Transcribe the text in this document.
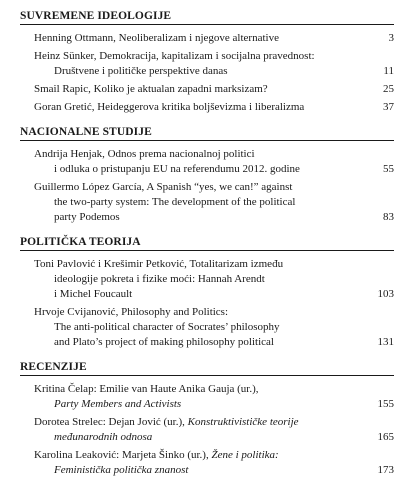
SUVREMENE IDEOLOGIJE
Henning Ottmann, Neoliberalizam i njegove alternative	3
Heinz Sünker, Demokracija, kapitalizam i socijalna pravednost:
Društvene i političke perspektive danas	11
Smail Rapic, Koliko je aktualan zapadni marksizam?	25
Goran Gretić, Heideggerova kritika boljševizma i liberalizma	37
NACIONALNE STUDIJE
Andrija Henjak, Odnos prema nacionalnoj politici
i odluka o pristupanju EU na referendumu 2012. godine	55
Guillermo López García, A Spanish “yes, we can!” against
the two-party system: The development of the political
party Podemos	83
POLITIČKA TEORIJA
Toni Pavlović i Krešimir Petković, Totalitarizam između
ideologije pokreta i fizike moći: Hannah Arendt
i Michel Foucault	103
Hrvoje Cvijanović, Philosophy and Politics:
The anti-political character of Socrates’ philosophy
and Plato’s project of making philosophy political	131
RECENZIJE
Kritina Čelap: Emilie van Haute Anika Gauja (ur.),
Party Members and Activists	155
Dorotea Strelec: Dejan Jović (ur.), Konstruktivističke teorije
međunarodnih odnosa	165
Karolina Leaković: Marjeta Šinko (ur.), Žene i politika:
Feministička politička znanost	173
